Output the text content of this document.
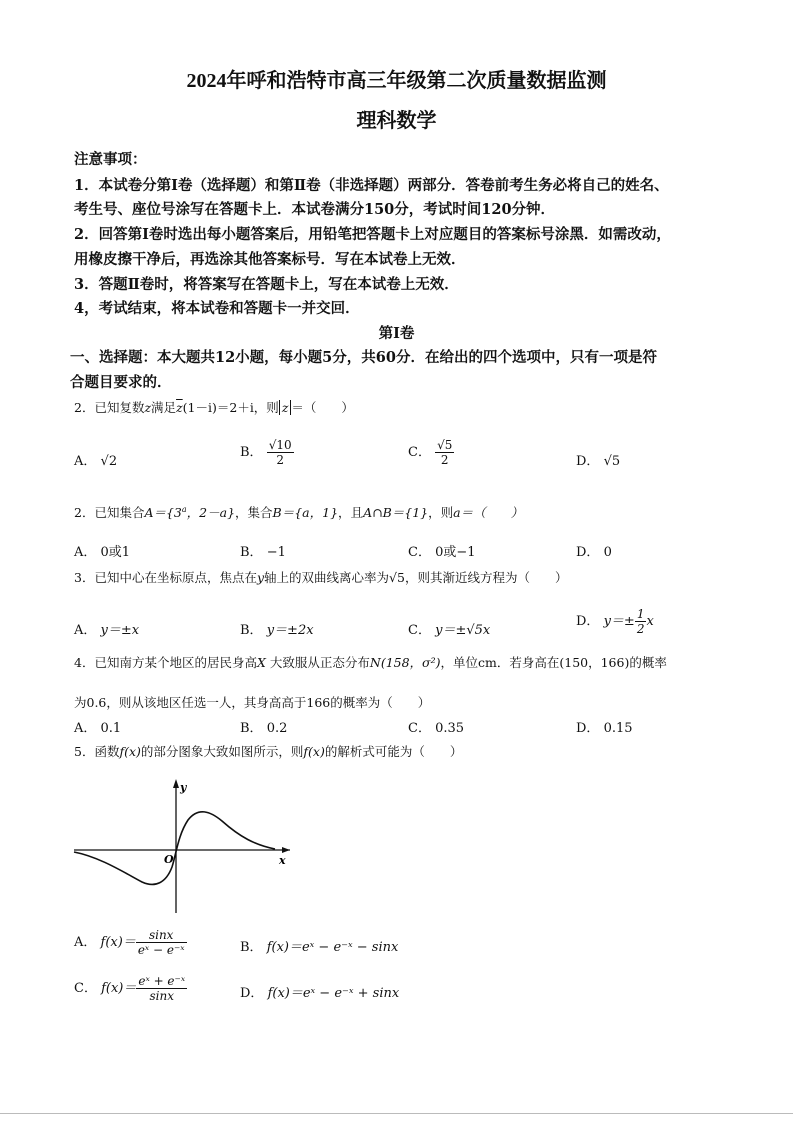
2024年呼和浩特市高三年级第二次质量数据监测
理科数学
注意事项：
1．本试卷分第Ⅰ卷（选择题）和第Ⅱ卷（非选择题）两部分．答卷前考生务必将自己的姓名、
考生号、座位号涂写在答题卡上．本试卷满分150分，考试时间120分钟．
2．回答第Ⅰ卷时选出每小题答案后，用铅笔把答题卡上对应题目的答案标号涂黑．如需改动，
用橡皮擦干净后，再选涂其他答案标号．写在本试卷上无效．
3．答题Ⅱ卷时，将答案写在答题卡上，写在本试卷上无效．
4，考试结束，将本试卷和答题卡一并交回．
第Ⅰ卷
一、选择题：本大题共12小题，每小题5分，共60分．在给出的四个选项中，只有一项是符
合题目要求的．
2．已知复数z满足$\overline{z}(1-i)=2+i$，则 z ＝（　　）
A． √2
B． $\frac{√10}{2}$	C． $\frac{√5}{2}$	D． √5
2．已知集合$A=\{3^a$，2－a}，集合B＝{a，1}，且A∩B＝{1}，则a＝（　　）
A． 0或1	B． −1	C． 0或−1	D． 0
3．已知中心在坐标原点，焦点在y轴上的双曲线离心率为√5，则其渐近线方程为（　　）
A． y＝±x	B． y＝±2x	C． y＝±√5x
D． $y=\pm \frac{1}{2}$ x
4．已知南方某个地区的居民身高X 大致服从正态分布N(158，σ²)，单位cm．若身高在(150，166)的概率
为0.6，则从该地区任选一人，其身高高于166的概率为（　　）
A． 0.1	B． 0.2	C． 0.35	D． 0.15
5．函数f(x)的部分图象大致如图所示，则f(x)的解析式可能为（　　）
y
x
O
A． $f(x)= \frac{\sin x}{\text{eˣ − e⁻ˣ}}$	B． f(x)＝eˣ − e⁻ˣ − sinx
C． $f(x)= \frac{\text{eˣ + e⁻ˣ}}{\sin x}$	D． f(x)＝eˣ − e⁻ˣ + sinx
